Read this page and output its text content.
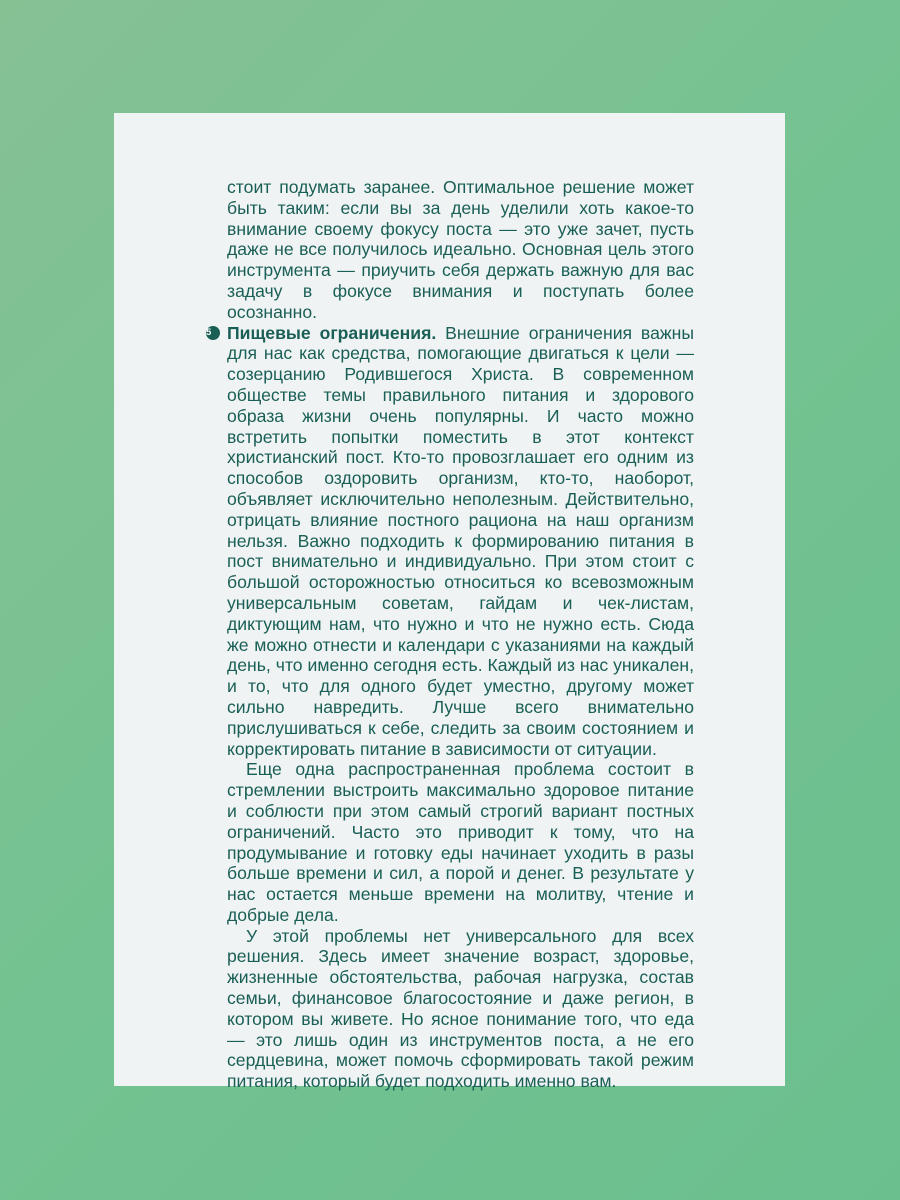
стоит подумать заранее. Оптимальное решение может быть таким: если вы за день уделили хоть какое-то внимание своему фокусу поста — это уже зачет, пусть даже не все получилось идеально. Основная цель этого инструмента — приучить себя держать важную для вас задачу в фокусе внимания и поступать более осознанно.

5 Пищевые ограничения. Внешние ограничения важны для нас как средства, помогающие двигаться к цели — созерцанию Родившегося Христа. В современном обществе темы правильного питания и здорового образа жизни очень популярны. И часто можно встретить попытки поместить в этот контекст христианский пост. Кто-то провозглашает его одним из способов оздоровить организм, кто-то, наоборот, объявляет исключительно неполезным. Действительно, отрицать влияние постного рациона на наш организм нельзя. Важно подходить к формированию питания в пост внимательно и индивидуально. При этом стоит с большой осторожностью относиться ко всевозможным универсальным советам, гайдам и чек-листам, диктующим нам, что нужно и что не нужно есть. Сюда же можно отнести и календари с указаниями на каждый день, что именно сегодня есть. Каждый из нас уникален, и то, что для одного будет уместно, другому может сильно навредить. Лучше всего внимательно прислушиваться к себе, следить за своим состоянием и корректировать питание в зависимости от ситуации.

Еще одна распространенная проблема состоит в стремлении выстроить максимально здоровое питание и соблюсти при этом самый строгий вариант постных ограничений. Часто это приводит к тому, что на продумывание и готовку еды начинает уходить в разы больше времени и сил, а порой и денег. В результате у нас остается меньше времени на молитву, чтение и добрые дела.

У этой проблемы нет универсального для всех решения. Здесь имеет значение возраст, здоровье, жизненные обстоятельства, рабочая нагрузка, состав семьи, финансовое благосостояние и даже регион, в котором вы живете. Но ясное понимание того, что еда — это лишь один из инструментов поста, а не его сердцевина, может помочь сформировать такой режим питания, который будет подходить именно вам.
